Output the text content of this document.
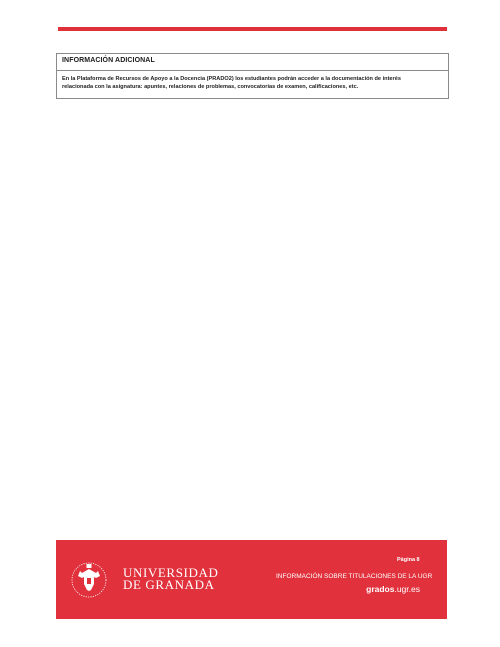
INFORMACIÓN ADICIONAL
En la Plataforma de Recursos de Apoyo a la Docencia (PRADO2) los estudiantes podrán acceder a la documentación de interés
relacionada con la asignatura: apuntes, relaciones de problemas, convocatorias de examen, calificaciones, etc.
UNIVERSIDAD
DE GRANADA
Página 8
INFORMACIÓN SOBRE TITULACIONES DE LA UGR
grados.ugr.es
